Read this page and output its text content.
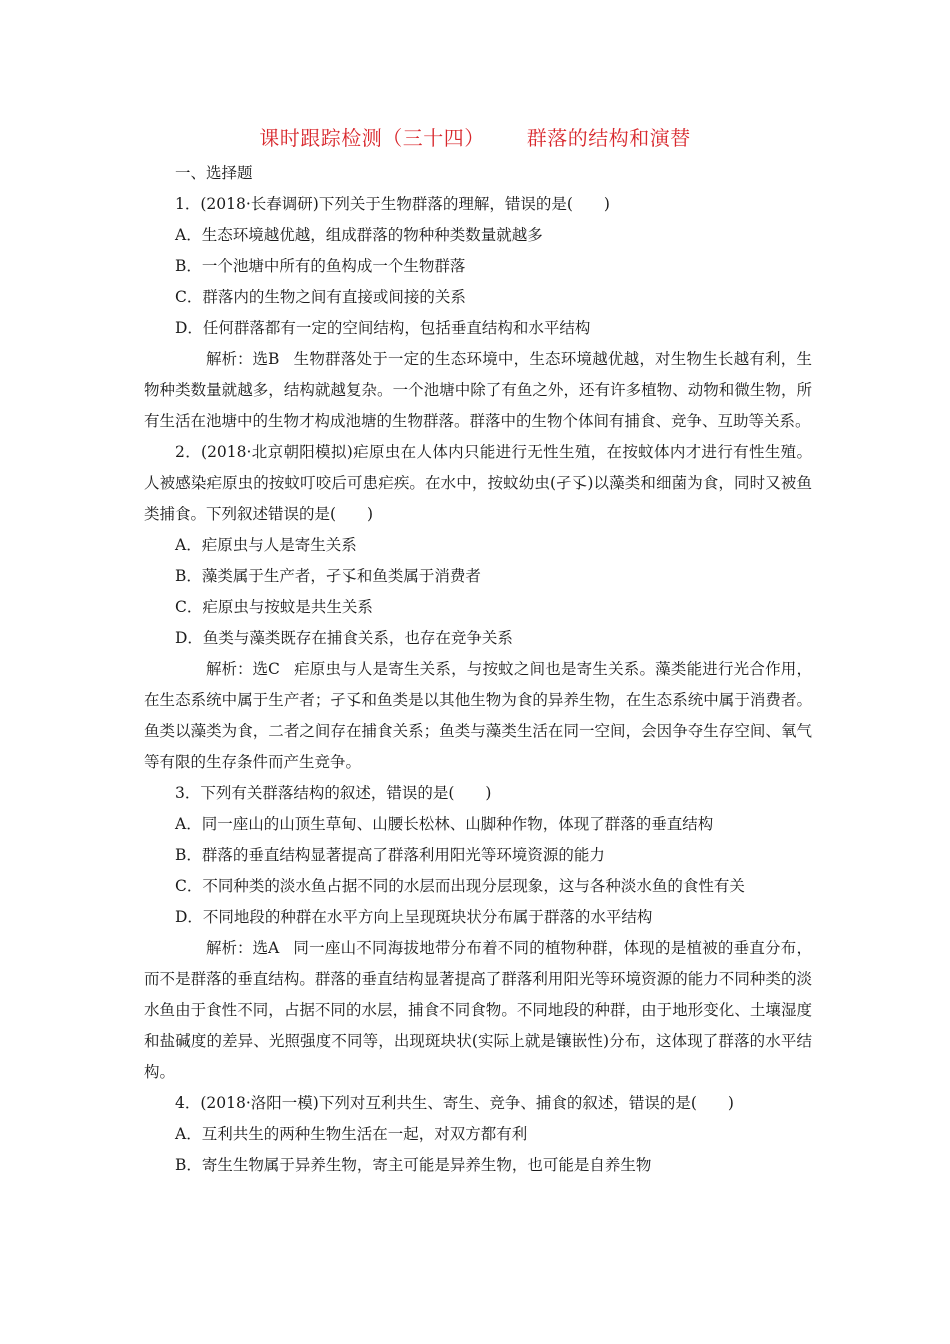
课时跟踪检测（三十四） 群落的结构和演替

一、选择题

1．(2018·长春调研)下列关于生物群落的理解，错误的是(　　)

A．生态环境越优越，组成群落的物种种类数量就越多

B．一个池塘中所有的鱼构成一个生物群落

C．群落内的生物之间有直接或间接的关系

D．任何群落都有一定的空间结构，包括垂直结构和水平结构

解析：选B 生物群落处于一定的生态环境中，生态环境越优越，对生物生长越有利，生物种类数量就越多，结构就越复杂。一个池塘中除了有鱼之外，还有许多植物、动物和微生物，所有生活在池塘中的生物才构成池塘的生物群落。群落中的生物个体间有捕食、竞争、互助等关系。

2．(2018·北京朝阳模拟)疟原虫在人体内只能进行无性生殖，在按蚊体内才进行有性生殖。人被感染疟原虫的按蚊叮咬后可患疟疾。在水中，按蚊幼虫(孑孓)以藻类和细菌为食，同时又被鱼类捕食。下列叙述错误的是(　　)

A．疟原虫与人是寄生关系

B．藻类属于生产者，孑孓和鱼类属于消费者

C．疟原虫与按蚊是共生关系

D．鱼类与藻类既存在捕食关系，也存在竞争关系

解析：选C 疟原虫与人是寄生关系，与按蚊之间也是寄生关系。藻类能进行光合作用，在生态系统中属于生产者；孑孓和鱼类是以其他生物为食的异养生物，在生态系统中属于消费者。鱼类以藻类为食，二者之间存在捕食关系；鱼类与藻类生活在同一空间，会因争夺生存空间、氧气等有限的生存条件而产生竞争。

3．下列有关群落结构的叙述，错误的是(　　)

A．同一座山的山顶生草甸、山腰长松林、山脚种作物，体现了群落的垂直结构

B．群落的垂直结构显著提高了群落利用阳光等环境资源的能力

C．不同种类的淡水鱼占据不同的水层而出现分层现象，这与各种淡水鱼的食性有关

D．不同地段的种群在水平方向上呈现斑块状分布属于群落的水平结构

解析：选A 同一座山不同海拔地带分布着不同的植物种群，体现的是植被的垂直分布，而不是群落的垂直结构。群落的垂直结构显著提高了群落利用阳光等环境资源的能力不同种类的淡水鱼由于食性不同，占据不同的水层，捕食不同食物。不同地段的种群，由于地形变化、土壤湿度和盐碱度的差异、光照强度不同等，出现斑块状(实际上就是镶嵌性)分布，这体现了群落的水平结构。

4．(2018·洛阳一模)下列对互利共生、寄生、竞争、捕食的叙述，错误的是(　　)

A．互利共生的两种生物生活在一起，对双方都有利

B．寄生生物属于异养生物，寄主可能是异养生物，也可能是自养生物
